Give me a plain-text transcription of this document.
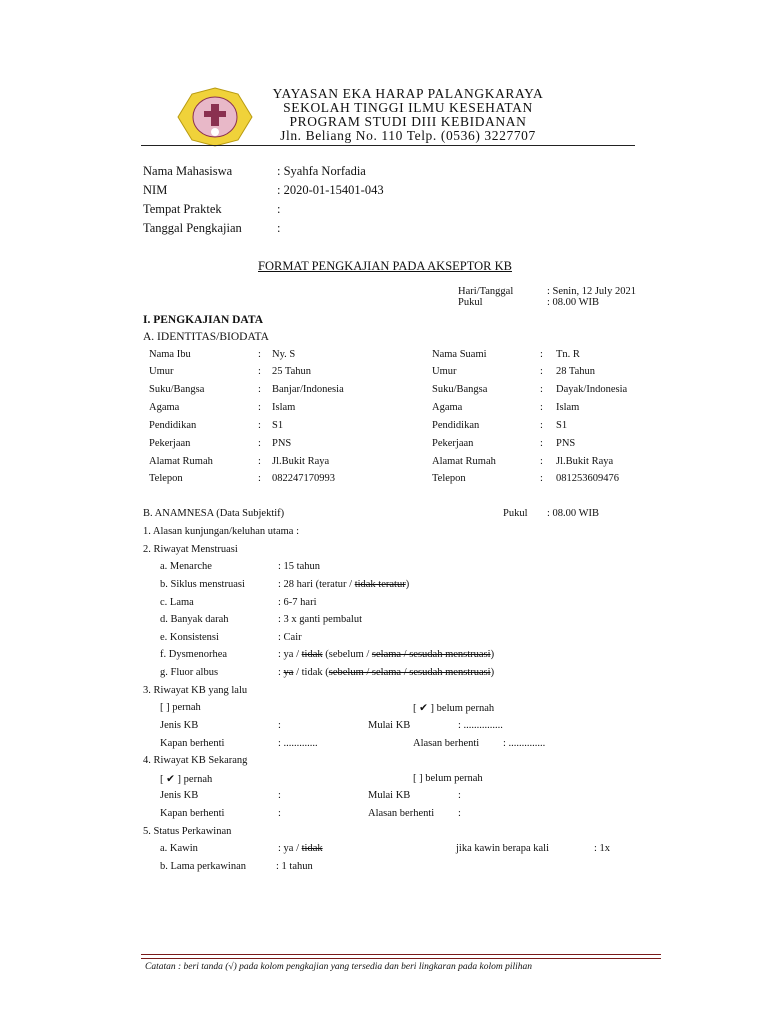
YAYASAN EKA HARAP PALANGKARAYA
SEKOLAH TINGGI ILMU KESEHATAN
PROGRAM STUDI DIII KEBIDANAN
Jln. Beliang No. 110 Telp. (0536) 3227707
Nama Mahasiswa	: Syahfa Norfadia
NIM	: 2020-01-15401-043
Tempat Praktek	:
Tanggal Pengkajian	:
FORMAT PENGKAJIAN PADA AKSEPTOR KB
Hari/Tanggal	: Senin, 12 July 2021
Pukul	: 08.00 WIB
I. PENGKAJIAN DATA
A. IDENTITAS/BIODATA
Nama Ibu	: Ny. S	Nama Suami	: Tn. R
Umur	: 25 Tahun	Umur	: 28 Tahun
Suku/Bangsa	: Banjar/Indonesia	Suku/Bangsa	: Dayak/Indonesia
Agama	: Islam	Agama	: Islam
Pendidikan	: S1	Pendidikan	: S1
Pekerjaan	: PNS	Pekerjaan	: PNS
Alamat Rumah	: Jl.Bukit Raya	Alamat Rumah	: Jl.Bukit Raya
Telepon	: 082247170993	Telepon	: 081253609476
B. ANAMNESA (Data Subjektif)	Pukul : 08.00 WIB
1. Alasan kunjungan/keluhan utama :
2. Riwayat Menstruasi
a. Menarche	: 15 tahun
b. Siklus menstruasi	: 28 hari (teratur / tidak teratur)
c. Lama	: 6-7 hari
d. Banyak darah	: 3 x ganti pembalut
e. Konsistensi	: Cair
f. Dysmenorhea	: ya / tidak (sebelum / selama / sesudah menstruasi)
g. Fluor albus	: ya / tidak (sebelum / selama / sesudah menstruasi)
3. Riwayat KB yang lalu
[ ] pernah	[ ✔ ] belum pernah
Jenis KB	:	Mulai KB	: ...............
Kapan berhenti	: .............	Alasan berhenti : ..............
4. Riwayat KB Sekarang
[ ✔ ] pernah	[ ] belum pernah
Jenis KB	:	Mulai KB	:
Kapan berhenti	:	Alasan berhenti :
5. Status Perkawinan
a. Kawin	: ya / tidak	jika kawin berapa kali	: 1x
b. Lama perkawinan	: 1 tahun
Catatan : beri tanda (√) pada kolom pengkajian yang tersedia dan beri lingkaran pada kolom pilihan
